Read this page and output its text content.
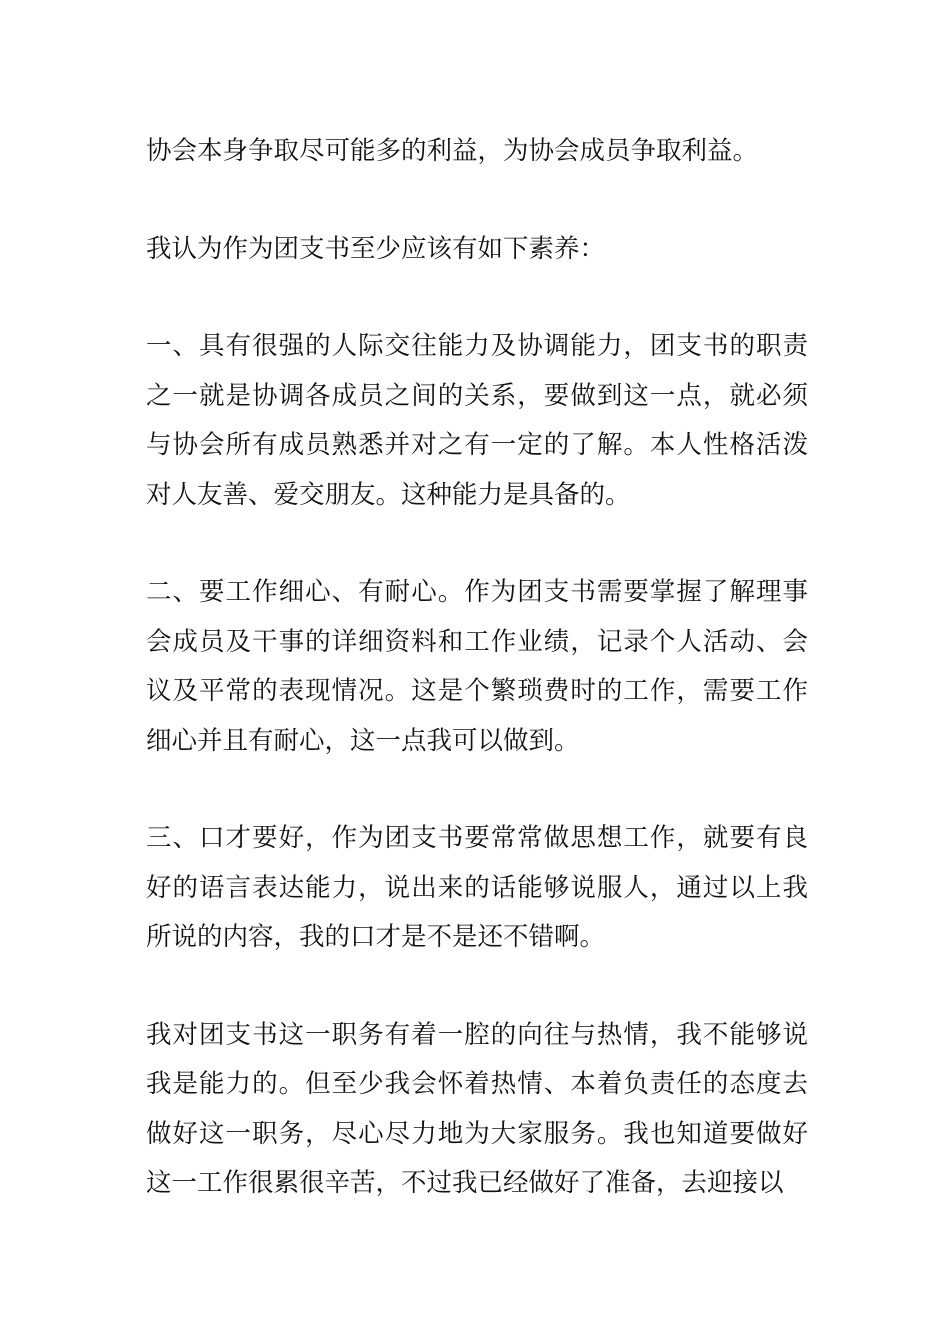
协会本身争取尽可能多的利益，为协会成员争取利益。

我认为作为团支书至少应该有如下素养：

一、具有很强的人际交往能力及协调能力，团支书的职责之一就是协调各成员之间的关系，要做到这一点，就必须与协会所有成员熟悉并对之有一定的了解。本人性格活泼对人友善、爱交朋友。这种能力是具备的。

二、要工作细心、有耐心。作为团支书需要掌握了解理事会成员及干事的详细资料和工作业绩，记录个人活动、会议及平常的表现情况。这是个繁琐费时的工作，需要工作细心并且有耐心，这一点我可以做到。

三、口才要好，作为团支书要常常做思想工作，就要有良好的语言表达能力，说出来的话能够说服人，通过以上我所说的内容，我的口才是不是还不错啊。

我对团支书这一职务有着一腔的向往与热情，我不能够说我是能力的。但至少我会怀着热情、本着负责任的态度去做好这一职务，尽心尽力地为大家服务。我也知道要做好这一工作很累很辛苦，不过我已经做好了准备，去迎接以
